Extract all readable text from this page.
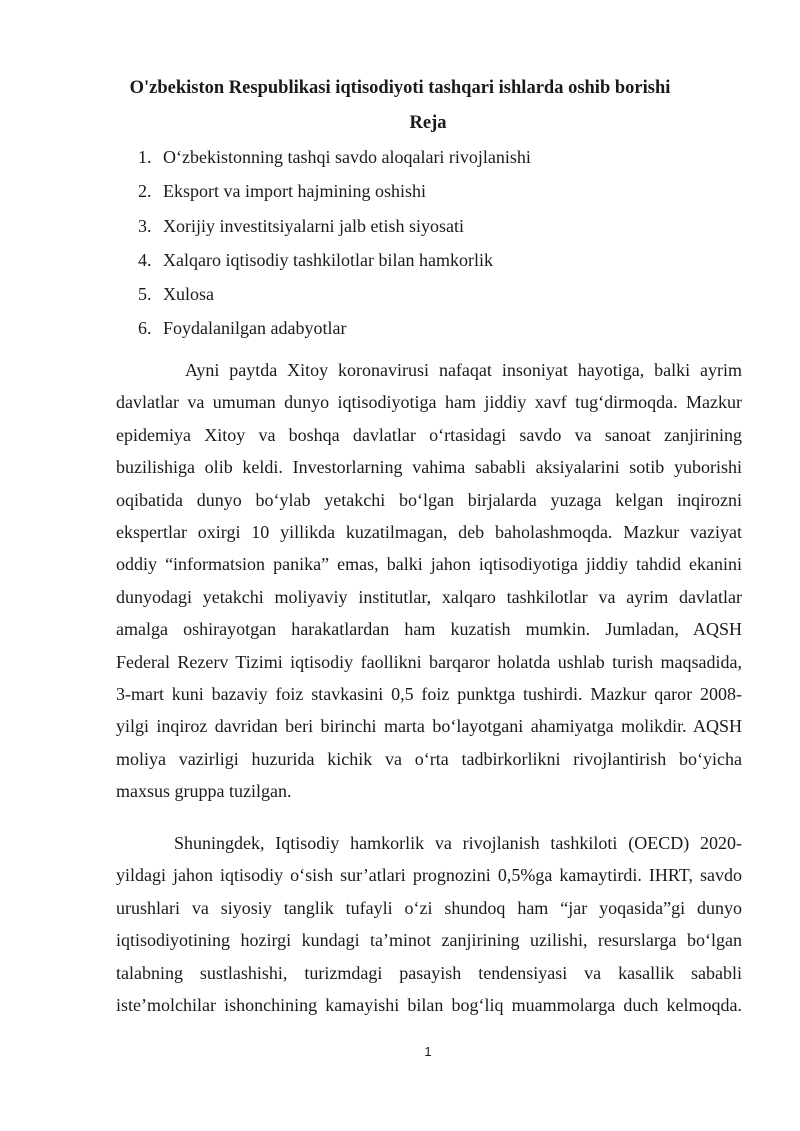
O'zbekiston Respublikasi iqtisodiyoti tashqari ishlarda oshib borishi
Reja
1. O‘zbekistonning tashqi savdo aloqalari rivojlanishi
2. Eksport va import hajmining oshishi
3. Xorijiy investitsiyalarni jalb etish siyosati
4. Xalqaro iqtisodiy tashkilotlar bilan hamkorlik
5. Xulosa
6. Foydalanilgan adabyotlar
Ayni paytda Xitoy koronavirusi nafaqat insoniyat hayotiga, balki ayrim
davlatlar va umuman dunyo iqtisodiyotiga ham jiddiy xavf tug‘dirmoqda. Mazkur
epidemiya Xitoy va boshqa davlatlar o‘rtasidagi savdo va sanoat zanjirining
buzilishiga olib keldi. Investorlarning vahima sababli aksiyalarini sotib yuborishi
oqibatida dunyo bo‘ylab yetakchi bo‘lgan birjalarda yuzaga kelgan inqirozni
ekspertlar oxirgi 10 yillikda kuzatilmagan, deb baholashmoqda. Mazkur vaziyat
oddiy “informatsion panika” emas, balki jahon iqtisodiyotiga jiddiy tahdid ekanini
dunyodagi yetakchi moliyaviy institutlar, xalqaro tashkilotlar va ayrim davlatlar
amalga oshirayotgan harakatlardan ham kuzatish mumkin. Jumladan, AQSH
Federal Rezerv Tizimi iqtisodiy faollikni barqaror holatda ushlab turish maqsadida,
3-mart kuni bazaviy foiz stavkasini 0,5 foiz punktga tushirdi. Mazkur qaror 2008-
yilgi inqiroz davridan beri birinchi marta bo‘layotgani ahamiyatga molikdir. AQSH
moliya vazirligi huzurida kichik va o‘rta tadbirkorlikni rivojlantirish bo‘yicha
maxsus gruppa tuzilgan.
Shuningdek, Iqtisodiy hamkorlik va rivojlanish tashkiloti (OECD) 2020-
yildagi jahon iqtisodiy o‘sish sur’atlari prognozini 0,5%ga kamaytirdi. IHRT, savdo
urushlari va siyosiy tanglik tufayli o‘zi shundoq ham “jar yoqasida”gi dunyo
iqtisodiyotining hozirgi kundagi ta’minot zanjirining uzilishi, resurslarga bo‘lgan
talabning sustlashishi, turizmdagi pasayish tendensiyasi va kasallik sababli
iste’molchilar ishonchining kamayishi bilan bog‘liq muammolarga duch kelmoqda.
1
